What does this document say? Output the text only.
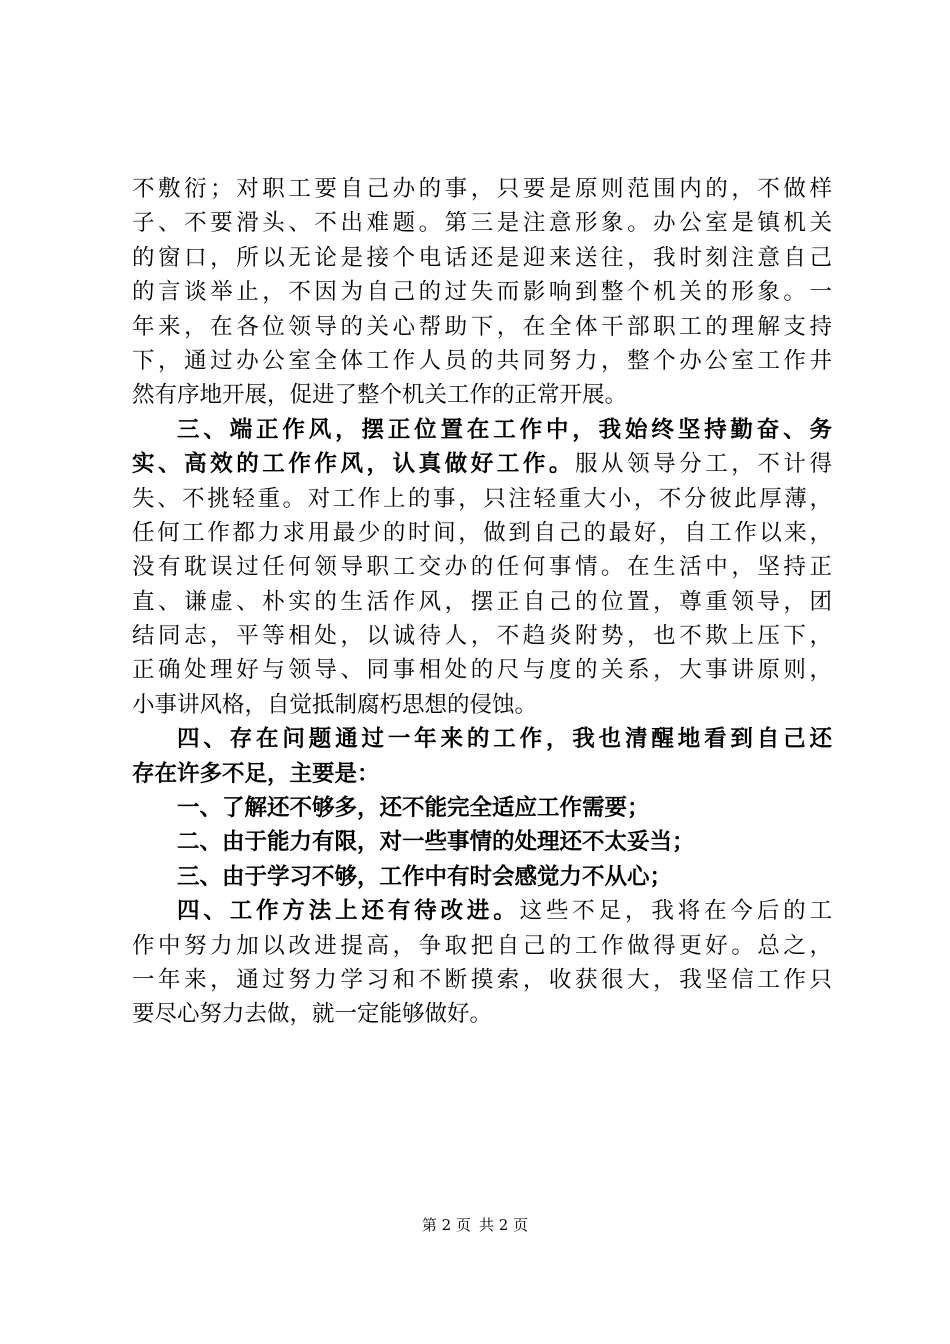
不敷衍；对职工要自己办的事，只要是原则范围内的，不做样
子、不要滑头、不出难题。第三是注意形象。办公室是镇机关
的窗口，所以无论是接个电话还是迎来送往，我时刻注意自己
的言谈举止，不因为自己的过失而影响到整个机关的形象。一
年来，在各位领导的关心帮助下，在全体干部职工的理解支持
下，通过办公室全体工作人员的共同努力，整个办公室工作井
然有序地开展，促进了整个机关工作的正常开展。
三、端正作风，摆正位置在工作中，我始终坚持勤奋、务
实、高效的工作作风，认真做好工作。服从领导分工，不计得
失、不挑轻重。对工作上的事，只注轻重大小，不分彼此厚薄，
任何工作都力求用最少的时间，做到自己的最好，自工作以来，
没有耽误过任何领导职工交办的任何事情。在生活中，坚持正
直、谦虚、朴实的生活作风，摆正自己的位置，尊重领导，团
结同志，平等相处，以诚待人，不趋炎附势，也不欺上压下，
正确处理好与领导、同事相处的尺与度的关系，大事讲原则，
小事讲风格，自觉抵制腐朽思想的侵蚀。
四、存在问题通过一年来的工作，我也清醒地看到自己还
存在许多不足，主要是：
一、了解还不够多，还不能完全适应工作需要；
二、由于能力有限，对一些事情的处理还不太妥当；
三、由于学习不够，工作中有时会感觉力不从心；
四、工作方法上还有待改进。这些不足，我将在今后的工
作中努力加以改进提高，争取把自己的工作做得更好。总之，
一年来，通过努力学习和不断摸索，收获很大，我坚信工作只
要尽心努力去做，就一定能够做好。
第 2 页 共 2 页
